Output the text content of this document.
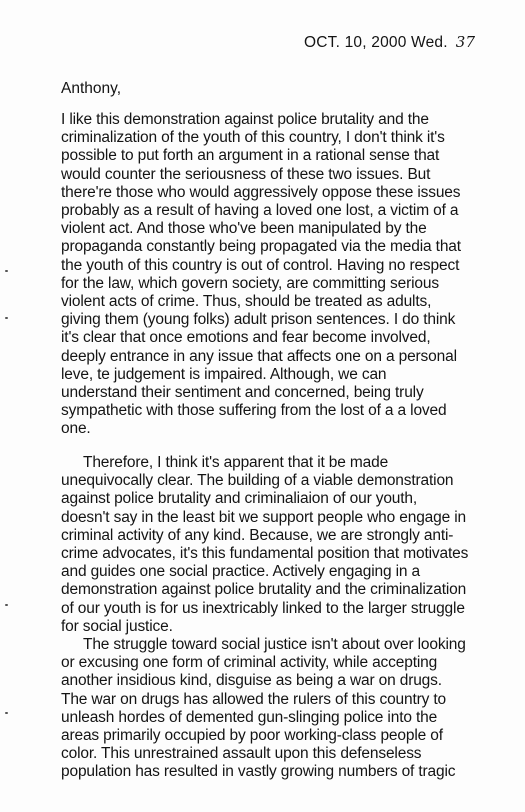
OCT. 10, 2000 Wed. 37
Anthony,
I like this demonstration against police brutality and the
criminalization of the youth of this country, I don't think it's
possible to put forth an argument in a rational sense that
would counter the seriousness of these two issues. But
there're those who would aggressively oppose these issues
probably as a result of having a loved one lost, a victim of a
violent act. And those who've been manipulated by the
propaganda constantly being propagated via the media that
the youth of this country is out of control. Having no respect
for the law, which govern society, are committing serious
violent acts of crime. Thus, should be treated as adults,
giving them (young folks) adult prison sentences. I do think
it's clear that once emotions and fear become involved,
deeply entrance in any issue that affects one on a personal
leve, te judgement is impaired. Although, we can
understand their sentiment and concerned, being truly
sympathetic with those suffering from the lost of a a loved
one.
Therefore, I think it's apparent that it be made
unequivocally clear. The building of a viable demonstration
against police brutality and criminaliaion of our youth,
doesn't say in the least bit we support people who engage in
criminal activity of any kind. Because, we are strongly anti-
crime advocates, it's this fundamental position that motivates
and guides one social practice. Actively engaging in a
demonstration against police brutality and the criminalization
of our youth is for us inextricably linked to the larger struggle
for social justice.
The struggle toward social justice isn't about over looking
or excusing one form of criminal activity, while accepting
another insidious kind, disguise as being a war on drugs.
The war on drugs has allowed the rulers of this country to
unleash hordes of demented gun-slinging police into the
areas primarily occupied by poor working-class people of
color. This unrestrained assault upon this defenseless
population has resulted in vastly growing numbers of tragic
